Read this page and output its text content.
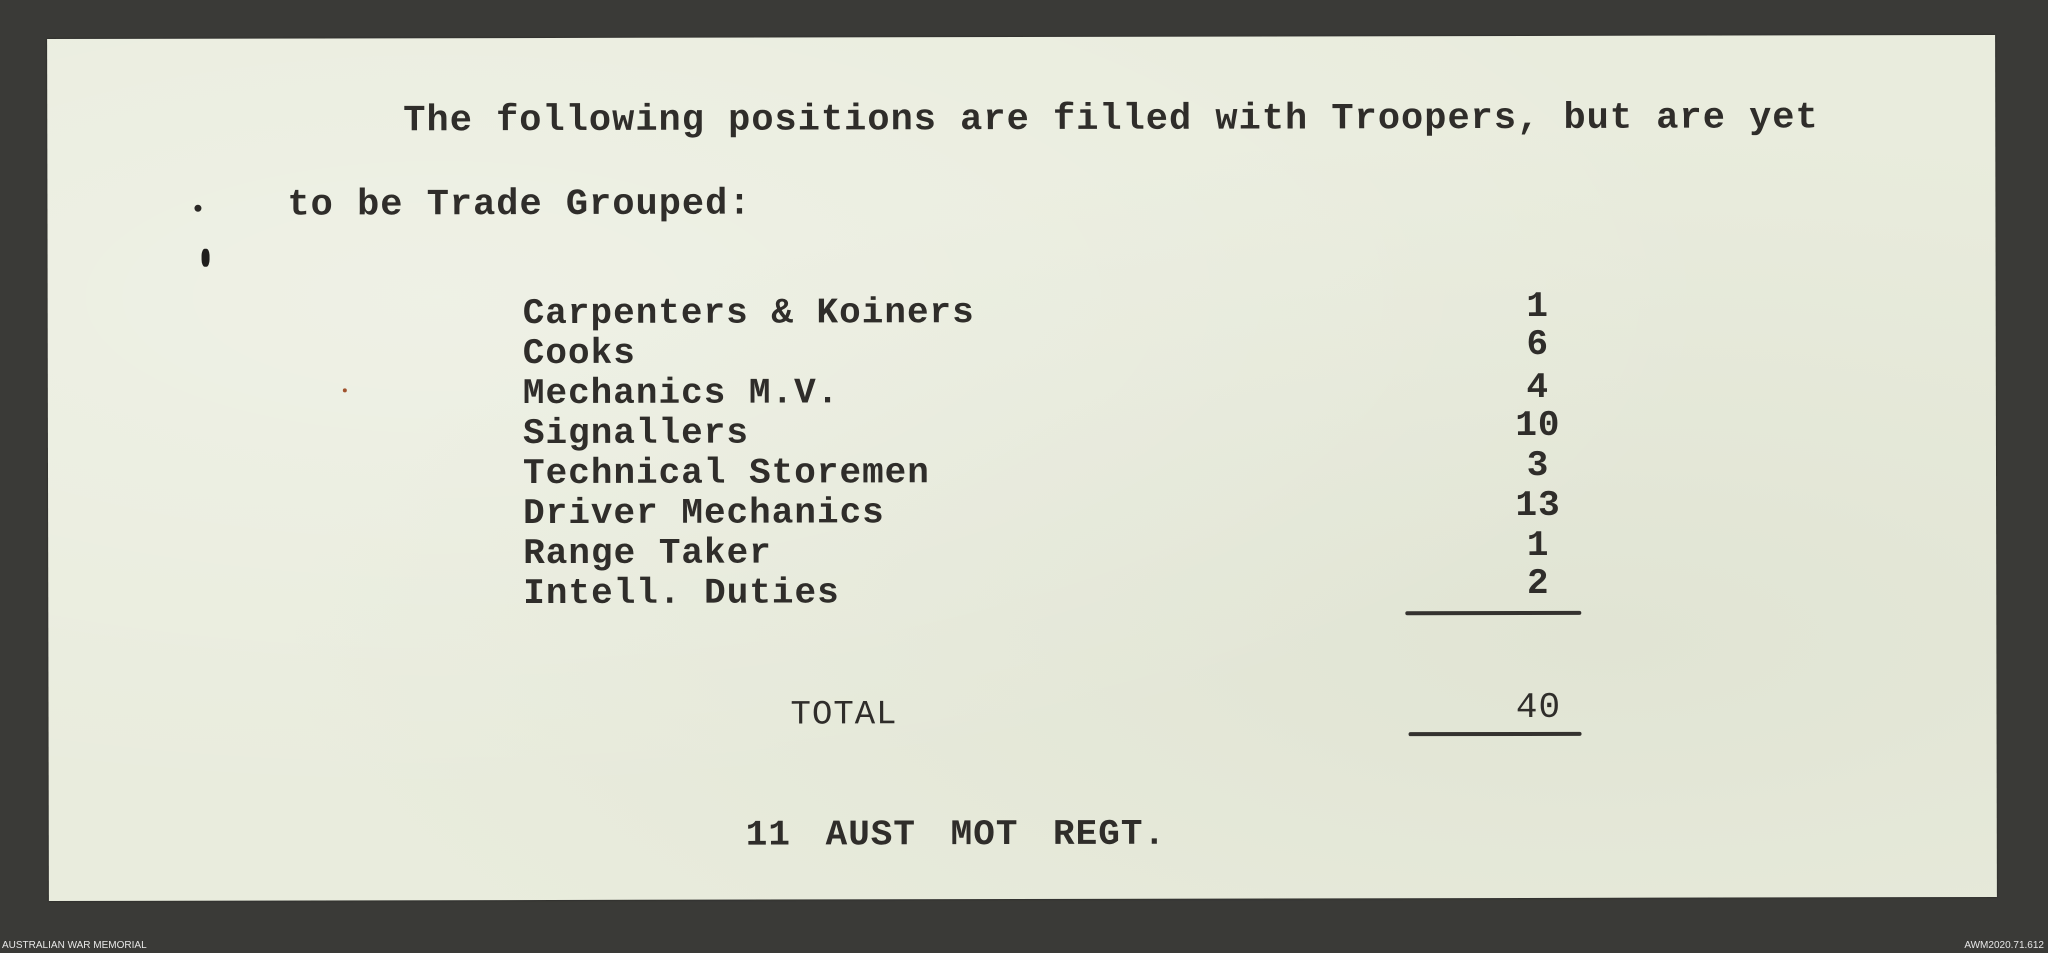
The following positions are filled with Troopers, but are yet
to be Trade Grouped:
Carpenters & Koiners	1
Cooks	6
Mechanics M.V.	4
Signallers	10
Technical Storemen	3
Driver Mechanics	13
Range Taker	1
Intell. Duties	2
TOTAL	40
11 AUST MOT REGT.
AUSTRALIAN WAR MEMORIAL	AWM2020.71.612
